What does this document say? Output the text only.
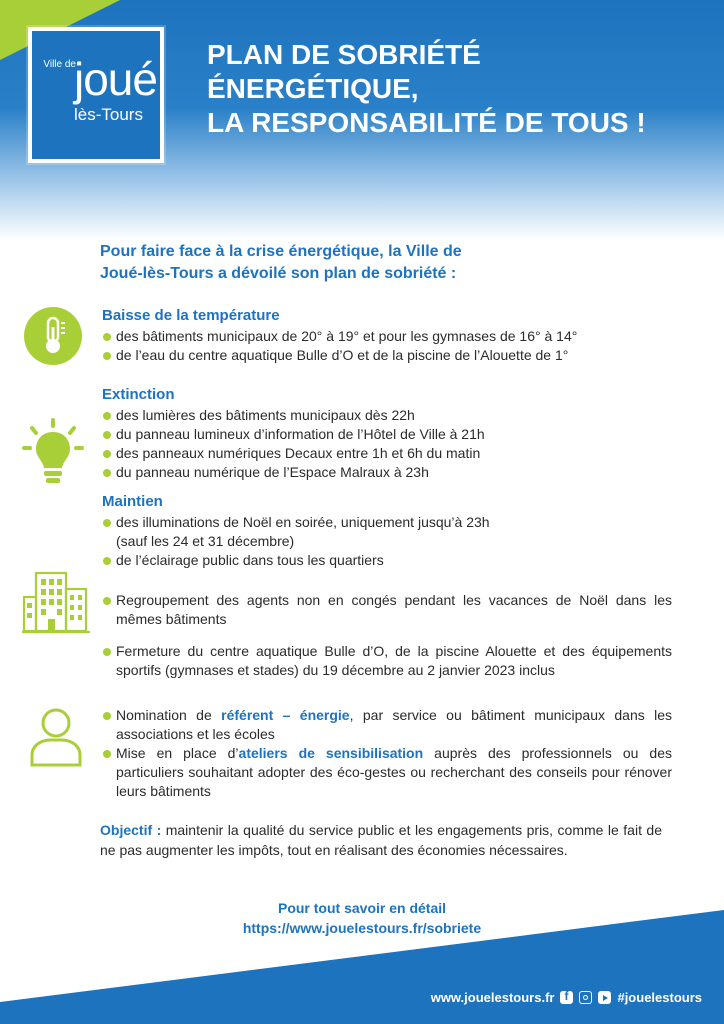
Ville de
joué
lès-Tours
PLAN DE SOBRIÉTÉ
ÉNERGÉTIQUE,
LA RESPONSABILITÉ DE TOUS !
Pour faire face à la crise énergétique, la Ville de
Joué-lès-Tours a dévoilé son plan de sobriété :
Baisse de la température
des bâtiments municipaux de 20° à 19° et pour les gymnases de 16° à 14°
de l’eau du centre aquatique Bulle d’O et de la piscine de l’Alouette de 1°
Extinction
des lumières des bâtiments municipaux dès 22h
du panneau lumineux d’information de l’Hôtel de Ville à 21h
des panneaux numériques Decaux entre 1h et 6h du matin
du panneau numérique de l’Espace Malraux à 23h
Maintien
des illuminations de Noël en soirée, uniquement jusqu’à 23h
(sauf les 24 et 31 décembre)
de l’éclairage public dans tous les quartiers
Regroupement des agents non en congés pendant les vacances de Noël dans les mêmes bâtiments
Fermeture du centre aquatique Bulle d’O, de la piscine Alouette et des équipements sportifs (gymnases et stades) du 19 décembre au 2 janvier 2023 inclus
Nomination de référent – énergie, par service ou bâtiment municipaux dans les associations et les écoles
Mise en place d’ateliers de sensibilisation auprès des professionnels ou des particuliers souhaitant adopter des éco-gestes ou recherchant des conseils pour rénover leurs bâtiments
Objectif : maintenir la qualité du service public et les engagements pris, comme le fait de ne pas augmenter les impôts, tout en réalisant des économies nécessaires.
Pour tout savoir en détail
https://www.jouelestours.fr/sobriete
www.jouelestours.fr
f	#jouelestours
